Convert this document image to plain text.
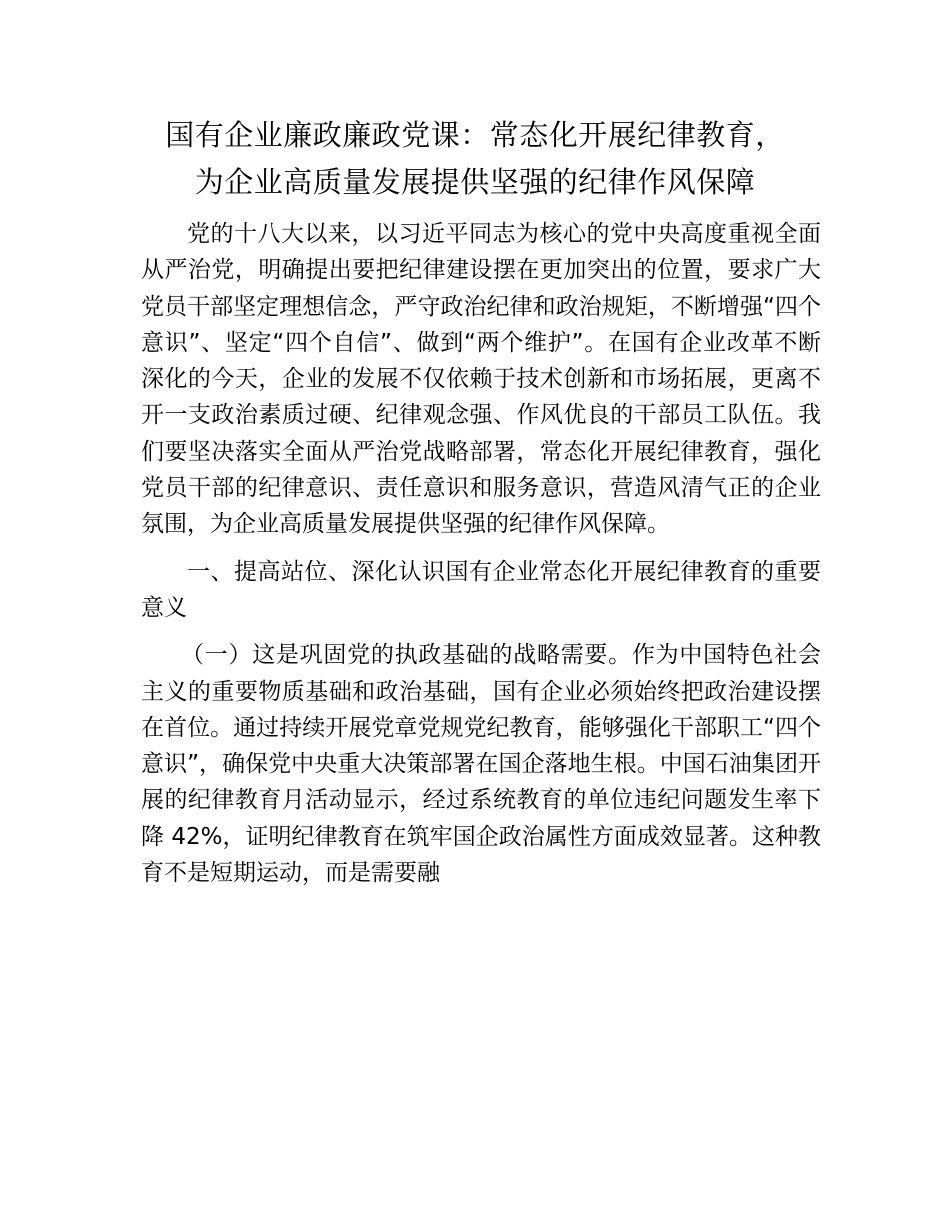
国有企业廉政廉政党课：常态化开展纪律教育，
为企业高质量发展提供坚强的纪律作风保障

党的十八大以来，以习近平同志为核心的党中央高度重视全面从严治党，明确提出要把纪律建设摆在更加突出的位置，要求广大党员干部坚定理想信念，严守政治纪律和政治规矩，不断增强“四个意识”、坚定“四个自信”、做到“两个维护”。在国有企业改革不断深化的今天，企业的发展不仅依赖于技术创新和市场拓展，更离不开一支政治素质过硬、纪律观念强、作风优良的干部员工队伍。我们要坚决落实全面从严治党战略部署，常态化开展纪律教育，强化党员干部的纪律意识、责任意识和服务意识，营造风清气正的企业氛围，为企业高质量发展提供坚强的纪律作风保障。

一、提高站位、深化认识国有企业常态化开展纪律教育的重要意义

（一）这是巩固党的执政基础的战略需要。作为中国特色社会主义的重要物质基础和政治基础，国有企业必须始终把政治建设摆在首位。通过持续开展党章党规党纪教育，能够强化干部职工“四个意识”，确保党中央重大决策部署在国企落地生根。中国石油集团开展的纪律教育月活动显示，经过系统教育的单位违纪问题发生率下降 42%，证明纪律教育在筑牢国企政治属性方面成效显著。这种教育不是短期运动，而是需要融
